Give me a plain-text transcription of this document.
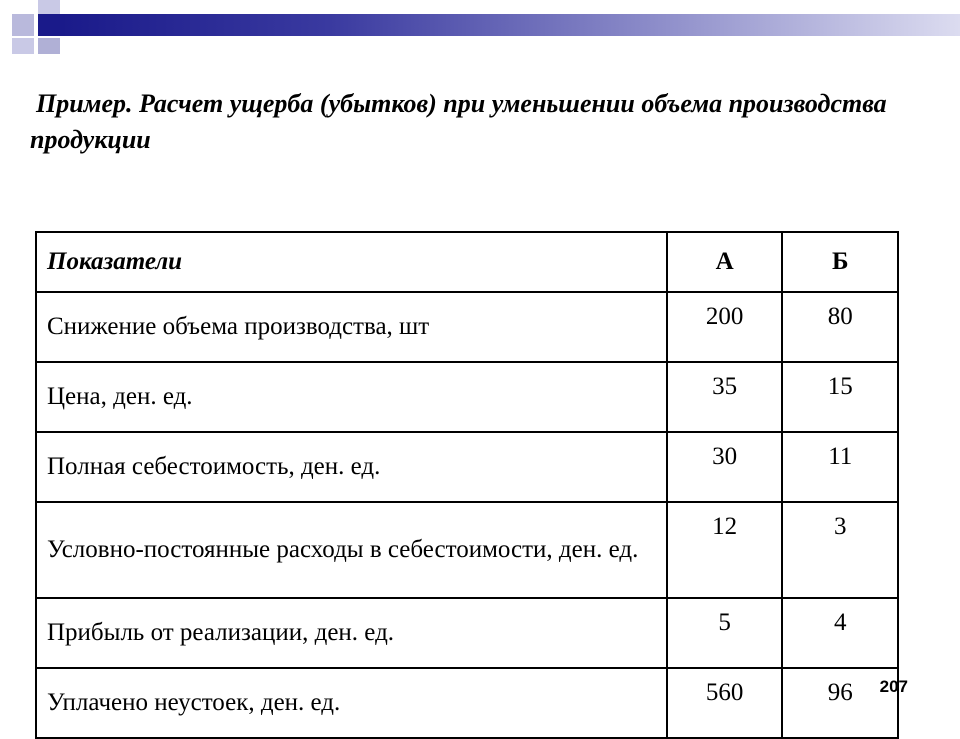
Пример. Расчет ущерба (убытков) при уменьшении объема производства продукции
Показатели	А	Б
Снижение объема производства, шт	200	80
Цена, ден. ед.	35	15
Полная себестоимость, ден. ед.	30	11
Условно-постоянные расходы в себестоимости, ден. ед.	12	3
Прибыль от реализации, ден. ед.	5	4
Уплачено неустоек, ден. ед.	560	96 207
